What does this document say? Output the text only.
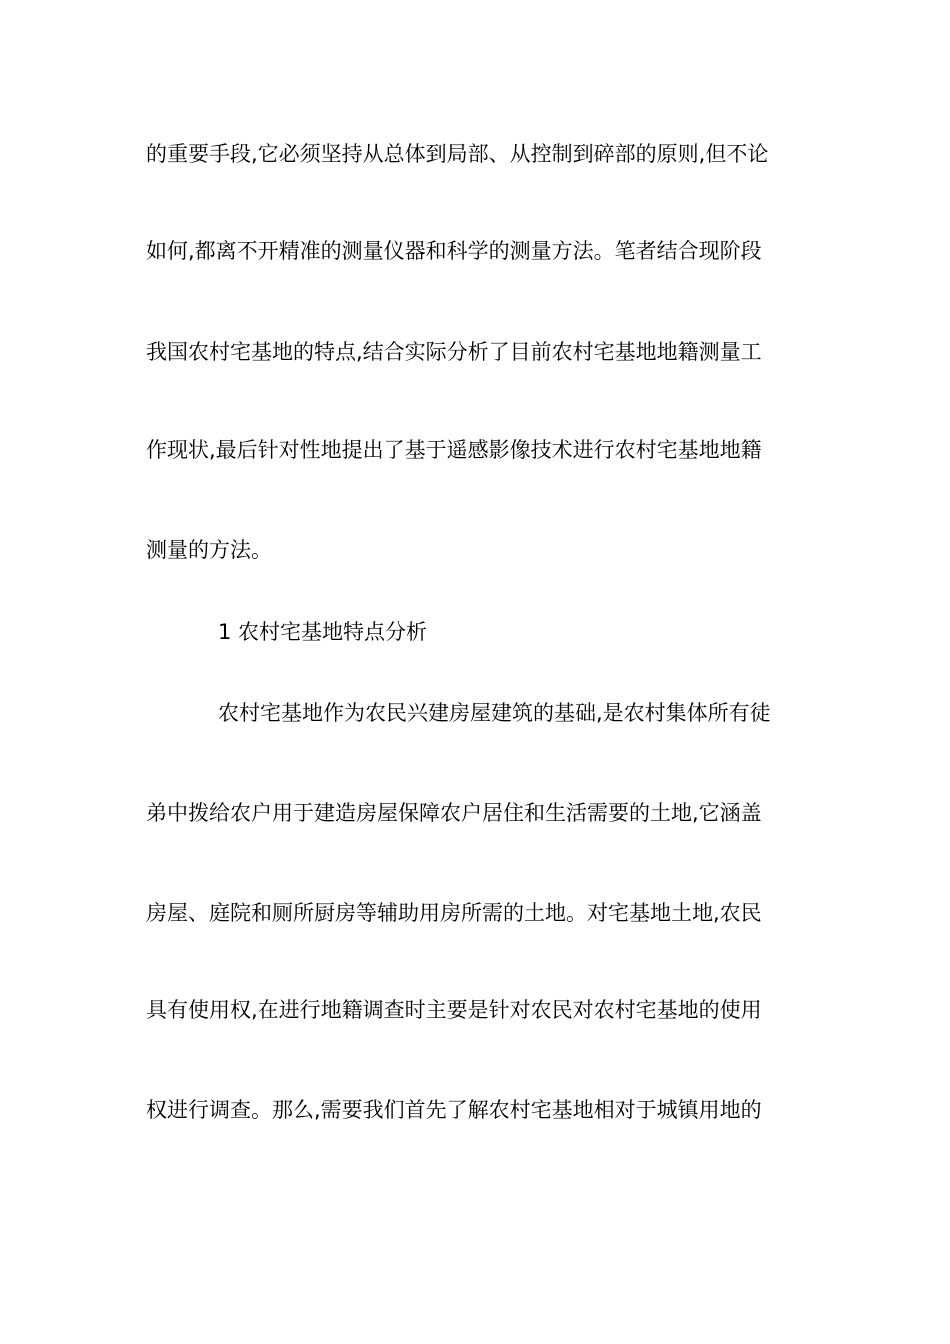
的重要手段,它必须坚持从总体到局部、从控制到碎部的原则,但不论
如何,都离不开精准的测量仪器和科学的测量方法。笔者结合现阶段
我国农村宅基地的特点,结合实际分析了目前农村宅基地地籍测量工
作现状,最后针对性地提出了基于遥感影像技术进行农村宅基地地籍
测量的方法。
1 农村宅基地特点分析
农村宅基地作为农民兴建房屋建筑的基础,是农村集体所有徒
弟中拨给农户用于建造房屋保障农户居住和生活需要的土地,它涵盖
房屋、庭院和厕所厨房等辅助用房所需的土地。对宅基地土地,农民
具有使用权,在进行地籍调查时主要是针对农民对农村宅基地的使用
权进行调查。那么,需要我们首先了解农村宅基地相对于城镇用地的
